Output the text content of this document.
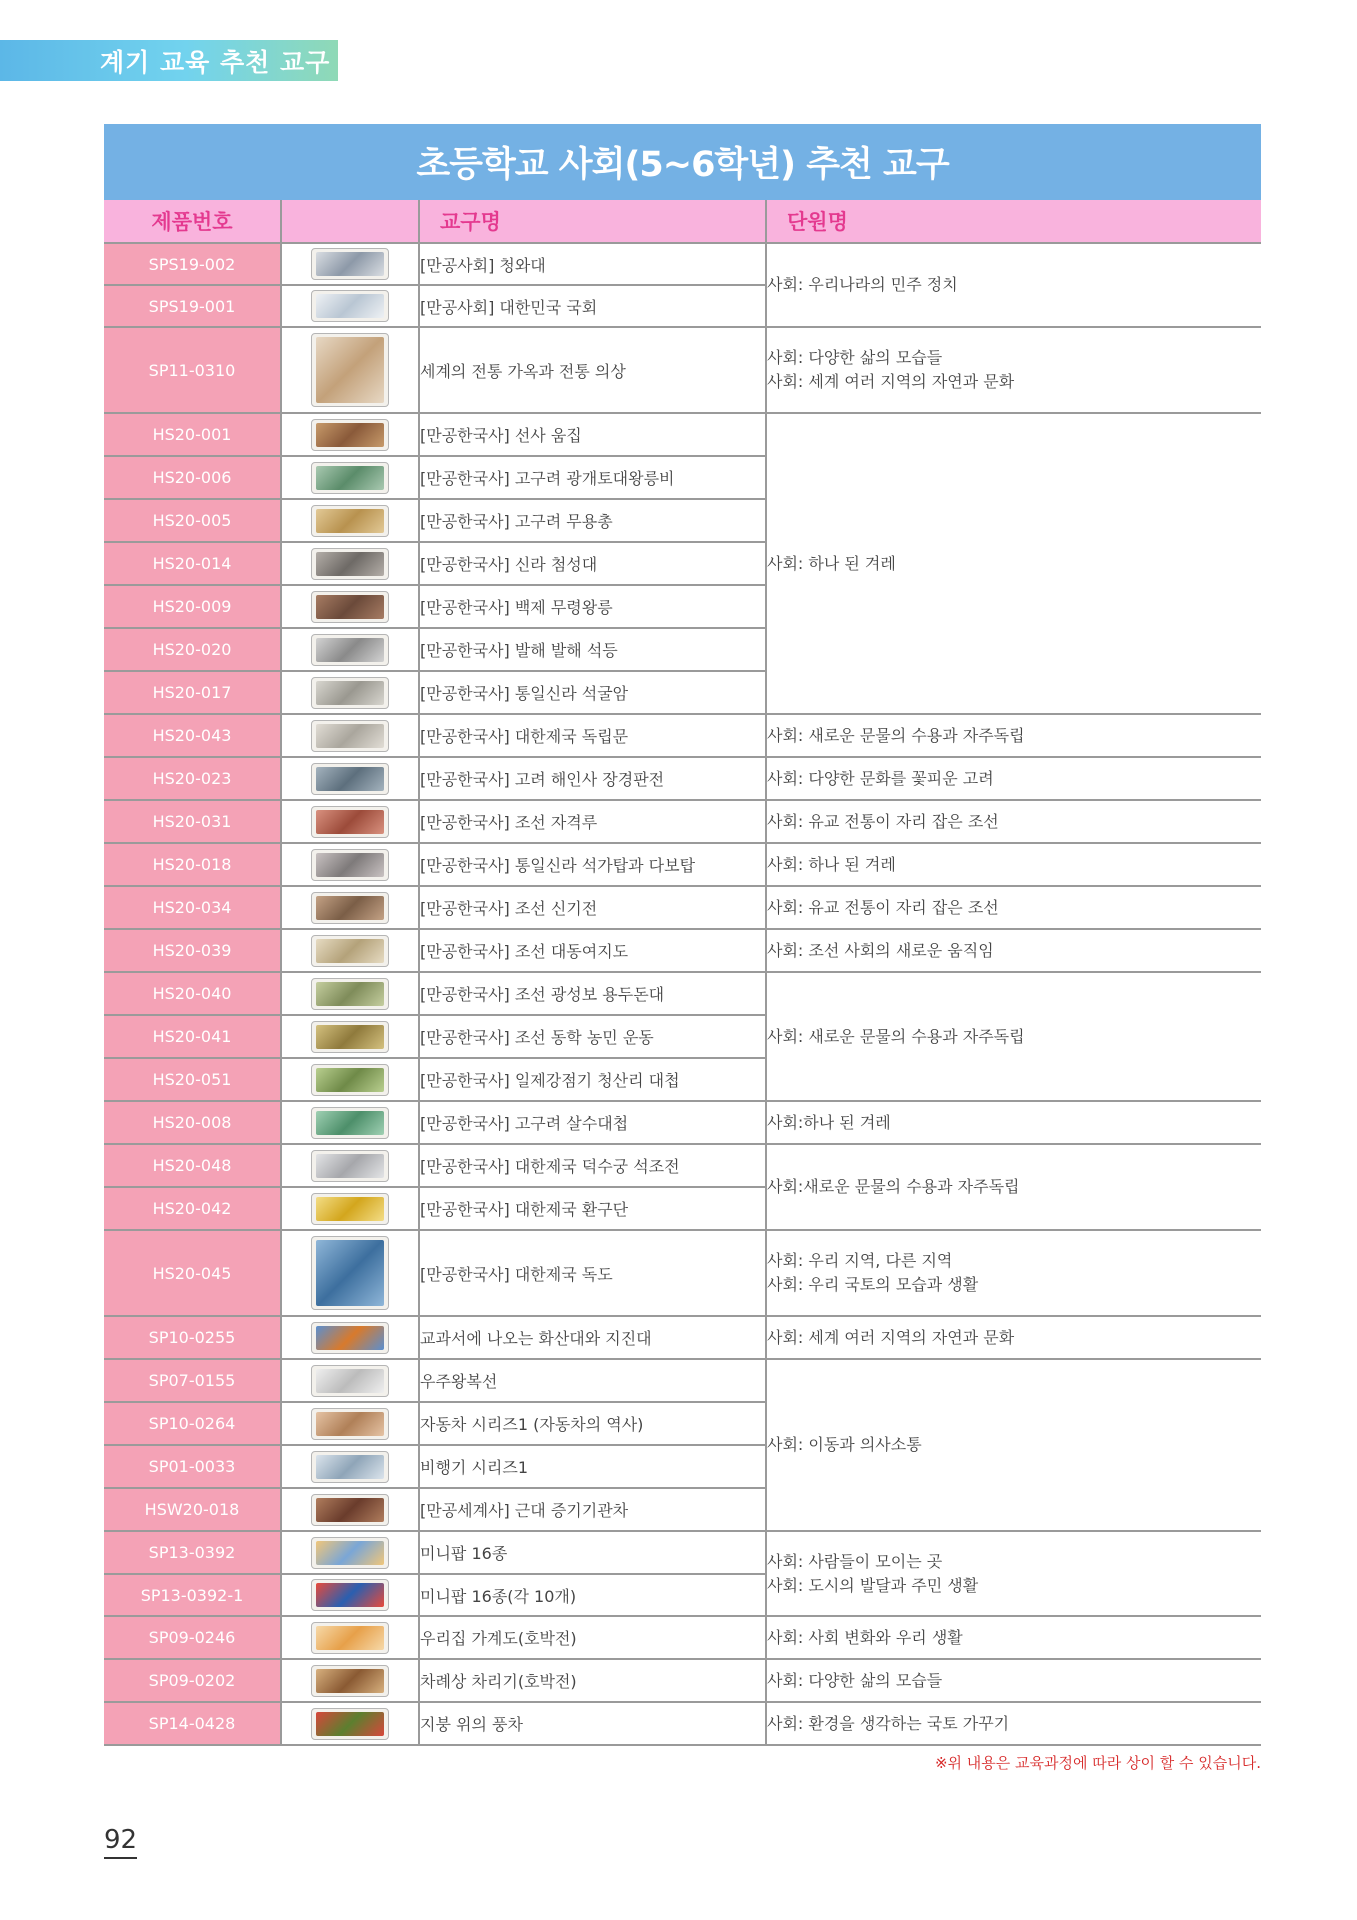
계기 교육 추천 교구
초등학교 사회(5~6학년) 추천 교구
제품번호		교구명	단원명
SPS19-002		[만공사회] 청와대	사회: 우리나라의 민주 정치

SPS19-001		[만공사회] 대한민국 국회	
SP11-0310		세계의 전통 가옥과 전통 의상	사회: 다양한 삶의 모습들
사회: 세계 여러 지역의 자연과 문화

HS20-001		[만공한국사] 선사 움집	사회: 하나 된 겨레

HS20-006		[만공한국사] 고구려 광개토대왕릉비	
HS20-005		[만공한국사] 고구려 무용총	
HS20-014		[만공한국사] 신라 첨성대	
HS20-009		[만공한국사] 백제 무령왕릉	
HS20-020		[만공한국사] 발해 발해 석등	
HS20-017		[만공한국사] 통일신라 석굴암	
HS20-043		[만공한국사] 대한제국 독립문	사회: 새로운 문물의 수용과 자주독립

HS20-023		[만공한국사] 고려 해인사 장경판전	사회: 다양한 문화를 꽃피운 고려

HS20-031		[만공한국사] 조선 자격루	사회: 유교 전통이 자리 잡은 조선

HS20-018		[만공한국사] 통일신라 석가탑과 다보탑	사회: 하나 된 겨레

HS20-034		[만공한국사] 조선 신기전	사회: 유교 전통이 자리 잡은 조선

HS20-039		[만공한국사] 조선 대동여지도	사회: 조선 사회의 새로운 움직임

HS20-040		[만공한국사] 조선 광성보 용두돈대	사회: 새로운 문물의 수용과 자주독립

HS20-041		[만공한국사] 조선 동학 농민 운동	
HS20-051		[만공한국사] 일제강점기 청산리 대첩	
HS20-008		[만공한국사] 고구려 살수대첩	사회:하나 된 겨레

HS20-048		[만공한국사] 대한제국 덕수궁 석조전	사회:새로운 문물의 수용과 자주독립

HS20-042		[만공한국사] 대한제국 환구단	
HS20-045		[만공한국사] 대한제국 독도	사회: 우리 지역, 다른 지역
사회: 우리 국토의 모습과 생활

SP10-0255		교과서에 나오는 화산대와 지진대	사회: 세계 여러 지역의 자연과 문화

SP07-0155		우주왕복선	사회: 이동과 의사소통

SP10-0264		자동차 시리즈1 (자동차의 역사)	
SP01-0033		비행기 시리즈1	
HSW20-018		[만공세계사] 근대 증기기관차	
SP13-0392		미니팝 16종	사회: 사람들이 모이는 곳
사회: 도시의 발달과 주민 생활

SP13-0392-1		미니팝 16종(각 10개)	
SP09-0246		우리집 가계도(호박전)	사회: 사회 변화와 우리 생활

SP09-0202		차례상 차리기(호박전)	사회: 다양한 삶의 모습들

SP14-0428		지붕 위의 풍차	사회: 환경을 생각하는 국토 가꾸기
※위 내용은 교육과정에 따라 상이 할 수 있습니다.
92
